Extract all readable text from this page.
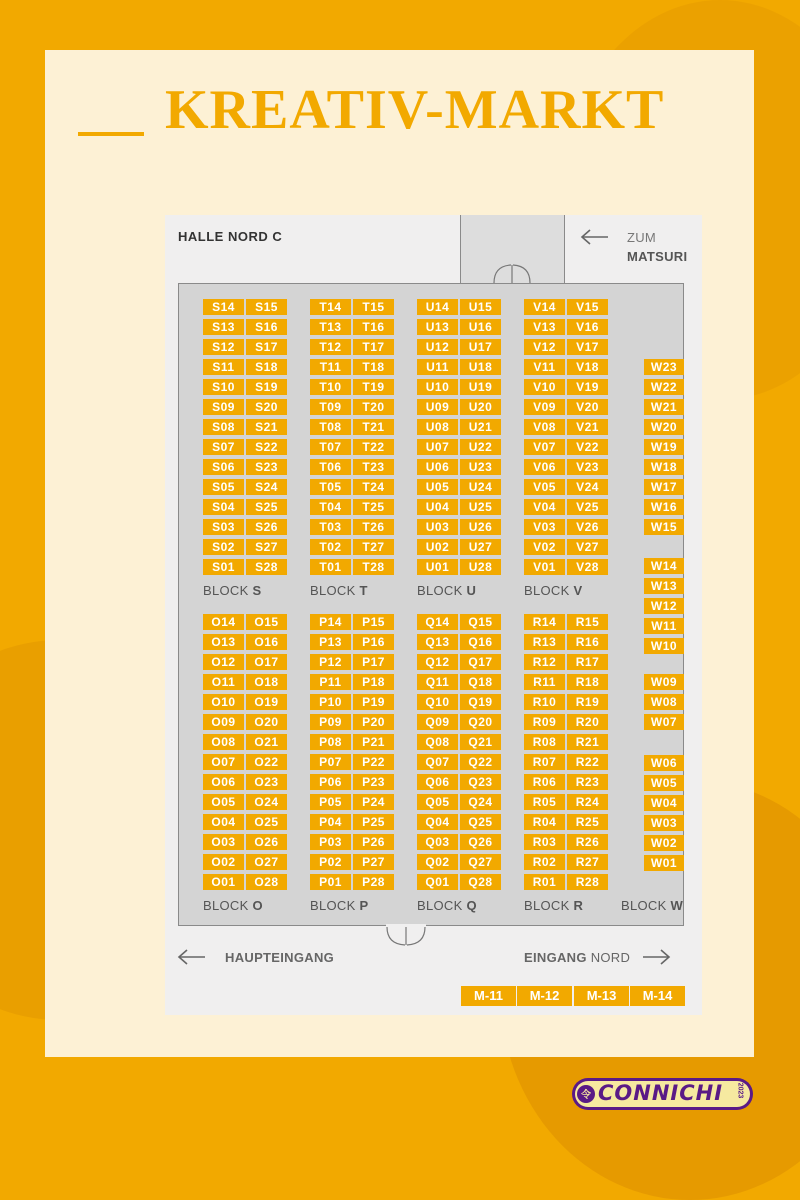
KREATIV-MARKT
HALLE NORD C	ZUM
MATSURI
S14	S15
S13	S16
S12	S17
S11	S18
S10	S19
S09	S20
S08	S21
S07	S22
S06	S23
S05	S24
S04	S25
S03	S26
S02	S27
S01	S28
BLOCK S
T14	T15
T13	T16
T12	T17
T11	T18
T10	T19
T09	T20
T08	T21
T07	T22
T06	T23
T05	T24
T04	T25
T03	T26
T02	T27
T01	T28
BLOCK T
U14	U15
U13	U16
U12	U17
U11	U18
U10	U19
U09	U20
U08	U21
U07	U22
U06	U23
U05	U24
U04	U25
U03	U26
U02	U27
U01	U28
BLOCK U
V14	V15
V13	V16
V12	V17
V11	V18
V10	V19
V09	V20
V08	V21
V07	V22
V06	V23
V05	V24
V04	V25
V03	V26
V02	V27
V01	V28
BLOCK V
O14	O15
O13	O16
O12	O17
O11	O18
O10	O19
O09	O20
O08	O21
O07	O22
O06	O23
O05	O24
O04	O25
O03	O26
O02	O27
O01	O28
BLOCK O
P14	P15
P13	P16
P12	P17
P11	P18
P10	P19
P09	P20
P08	P21
P07	P22
P06	P23
P05	P24
P04	P25
P03	P26
P02	P27
P01	P28
BLOCK P
Q14	Q15
Q13	Q16
Q12	Q17
Q11	Q18
Q10	Q19
Q09	Q20
Q08	Q21
Q07	Q22
Q06	Q23
Q05	Q24
Q04	Q25
Q03	Q26
Q02	Q27
Q01	Q28
BLOCK Q
R14	R15
R13	R16
R12	R17
R11	R18
R10	R19
R09	R20
R08	R21
R07	R22
R06	R23
R05	R24
R04	R25
R03	R26
R02	R27
R01	R28
BLOCK R
W23
W22
W21
W20
W19
W18
W17
W16
W15
W14
W13
W12
W11
W10
W09
W08
W07
W06
W05
W04
W03
W02
W01
BLOCK W
HAUPTEINGANG	EINGANG NORD
M-11	M-12	M-13	M-14
令 CONNICHI 2023
